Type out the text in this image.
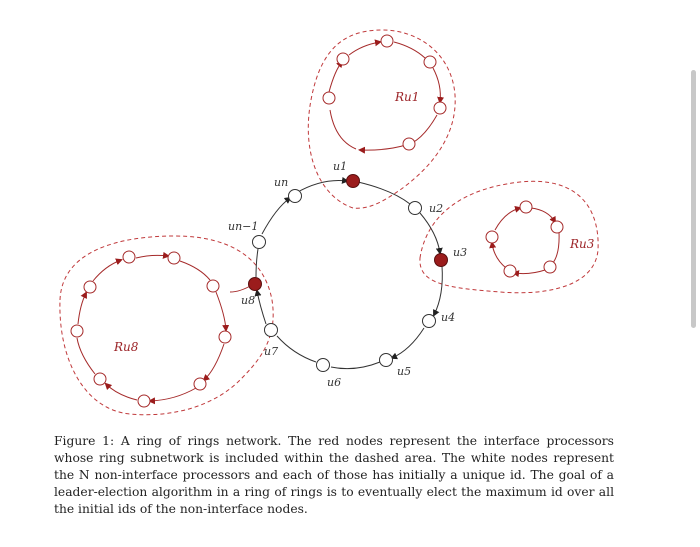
u1
u2
u3
u4
u5
u6
u7
u8
un−1
un
Ru1
Ru3
Ru8
Figure 1: A ring of rings network. The red nodes represent the interface processors whose ring subnetwork is included within the dashed area. The white nodes represent the N non-interface processors and each of those has initially a unique id. The goal of a leader-election algorithm in a ring of rings is to eventually elect the maximum id over all the initial ids of the non-interface nodes.
